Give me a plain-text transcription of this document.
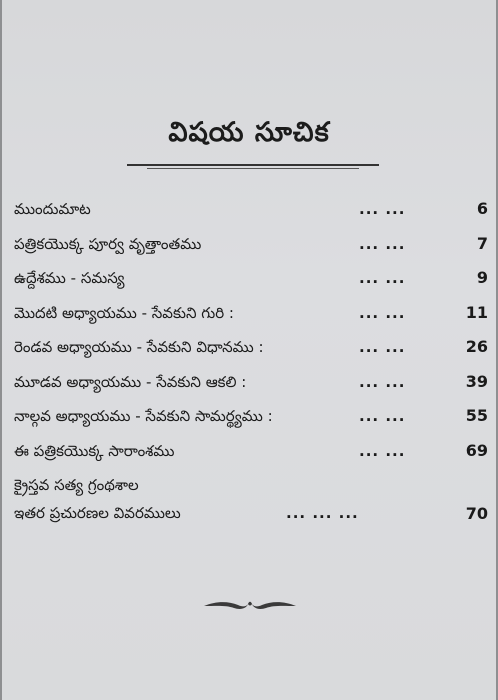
విషయ సూచిక
ముందుమాట	... ...	6
పత్రికయొక్క పూర్వ వృత్తాంతము	... ...	7
ఉద్దేశము - సమస్య	... ...	9
మొదటి అధ్యాయము - సేవకుని గురి :	... ...	11
రెండవ అధ్యాయము - సేవకుని విధానము :	... ...	26
మూడవ అధ్యాయము - సేవకుని ఆకలి :	... ...	39
నాల్గవ అధ్యాయము - సేవకుని సామర్థ్యము :	... ...	55
ఈ పత్రికయొక్క సారాంశము	... ...	69
క్రైస్తవ సత్య గ్రంథశాల
ఇతర ప్రచురణల వివరములు	... ... ...	70
